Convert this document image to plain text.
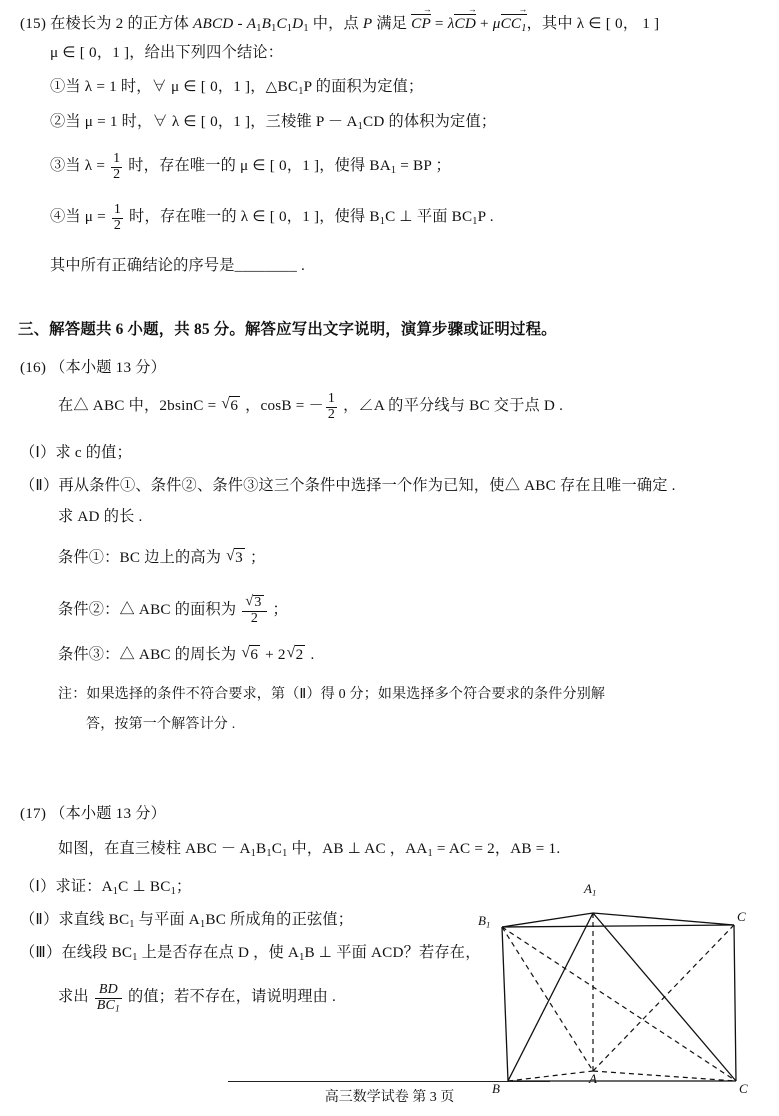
(15) 在棱长为 2 的正方体 ABCD - $A_1B_1C_1D_1$ 中，点 P 满足 CP → = λCD → + μCC$_1$ →，其中 λ ∈ [ 0， 1 ]
μ ∈ [ 0，1 ]，给出下列四个结论：
①当 λ = 1 时，∀ μ ∈ [ 0，1 ]，$\triangle BC_1P$ 的面积为定值；
②当 μ = 1 时，∀ λ ∈ [ 0，1 ]，三棱锥 $P - A_1CD$ 的体积为定值；
③当 $\lambda = \frac{1}{2}$ 时，存在唯一的 μ ∈ [ 0，1 ]，使得 $BA_1$ = BP ；
④当 $\mu = \frac{1}{2}$ 时，存在唯一的 λ ∈ [ 0，1 ]，使得 $B_1C$ ⊥ 平面 $BC_1P$ .
其中所有正确结论的序号是________ .
三、解答题共 6 小题，共 85 分。解答应写出文字说明，演算步骤或证明过程。
(16) （本小题 13 分）
在△ ABC 中，2bsinC = √ 6 ，cosB = － $\frac{1}{2}$ ，∠A 的平分线与 BC 交于点 D .
（Ⅰ）求 c 的值；
（Ⅱ）再从条件①、条件②、条件③这三个条件中选择一个作为已知，使△ ABC 存在且唯一确定 .
求 AD 的长 .
条件①：BC 边上的高为 √ 3 ；
条件②：△ ABC 的面积为 √ $\frac{3}{2}$ ；
条件③：△ ABC 的周长为 √ 6 + 2 √ 2 .
注：如果选择的条件不符合要求，第（Ⅱ）得 0 分；如果选择多个符合要求的条件分别解
答，按第一个解答计分 .
(17) （本小题 13 分）
如图，在直三棱柱 ABC － $A_1B_1C_1$ 中，AB ⊥ AC ，$AA_1$ = AC = 2，AB = 1.
（Ⅰ）求证：$A_1C$ ⊥ $BC_1$；
（Ⅱ）求直线 $BC_1$ 与平面 $A_1BC$ 所成角的正弦值；
（Ⅲ）在线段 $BC_1$ 上是否存在点 D ，使 $A_1B$ ⊥ 平面 ACD？若存在，
求出 $\frac{BD}{BC_1}$ 的值；若不存在，请说明理由 .
$A_1$
$B_1$
C
A
B	C
高三数学试卷 第 3 页
